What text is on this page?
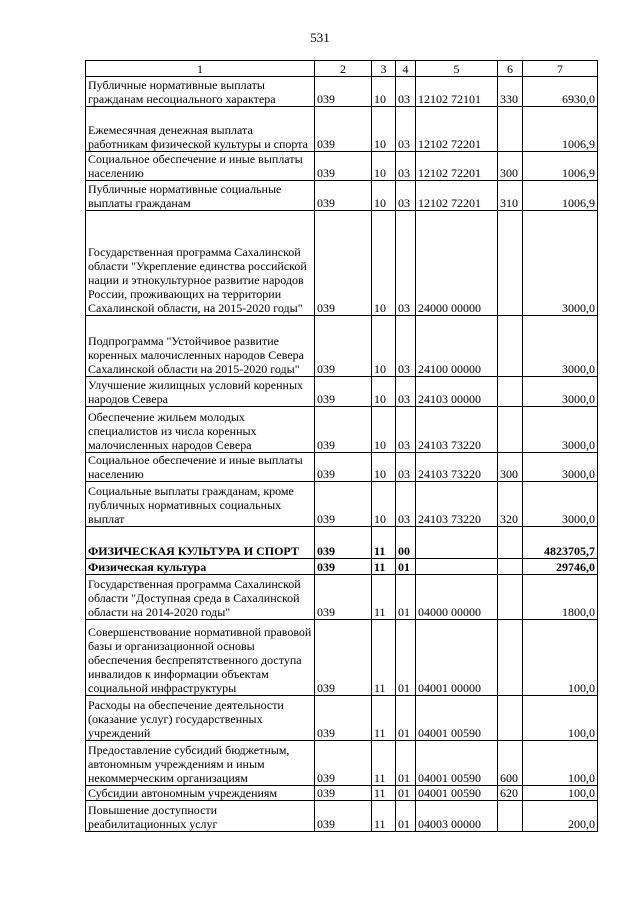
531
1	2	3	4	5	6	7
Публичные нормативные выплаты гражданам несоциального характера	039	10	03	12102 72101	330	6930,0
Ежемесячная денежная выплата работникам физической культуры и спорта	039	10	03	12102 72201		1006,9
Социальное обеспечение и иные выплаты населению	039	10	03	12102 72201	300	1006,9
Публичные нормативные социальные выплаты гражданам	039	10	03	12102 72201	310	1006,9
Государственная программа Сахалинской области "Укрепление единства российской нации и этнокультурное развитие народов России, проживающих на территории Сахалинской области, на 2015-2020 годы"	039	10	03	24000 00000		3000,0
Подпрограмма "Устойчивое развитие коренных малочисленных народов Севера Сахалинской области на 2015-2020 годы"	039	10	03	24100 00000		3000,0
Улучшение жилищных условий коренных народов Севера	039	10	03	24103 00000		3000,0
Обеспечение жильем молодых специалистов из числа коренных малочисленных народов Севера	039	10	03	24103 73220		3000,0
Социальное обеспечение и иные выплаты населению	039	10	03	24103 73220	300	3000,0
Социальные выплаты гражданам, кроме публичных нормативных социальных выплат	039	10	03	24103 73220	320	3000,0
ФИЗИЧЕСКАЯ КУЛЬТУРА И СПОРТ	039	11	00			4823705,7
Физическая культура	039	11	01			29746,0
Государственная программа Сахалинской области "Доступная среда в Сахалинской области на 2014-2020 годы"	039	11	01	04000 00000		1800,0
Совершенствование нормативной правовой базы и организационной основы обеспечения беспрепятственного доступа инвалидов к информации объектам социальной инфраструктуры	039	11	01	04001 00000		100,0
Расходы на обеспечение деятельности (оказание услуг) государственных учреждений	039	11	01	04001 00590		100,0
Предоставление субсидий бюджетным, автономным учреждениям и иным некоммерческим организациям	039	11	01	04001 00590	600	100,0
Субсидии автономным учреждениям	039	11	01	04001 00590	620	100,0
Повышение доступности реабилитационных услуг	039	11	01	04003 00000		200,0
